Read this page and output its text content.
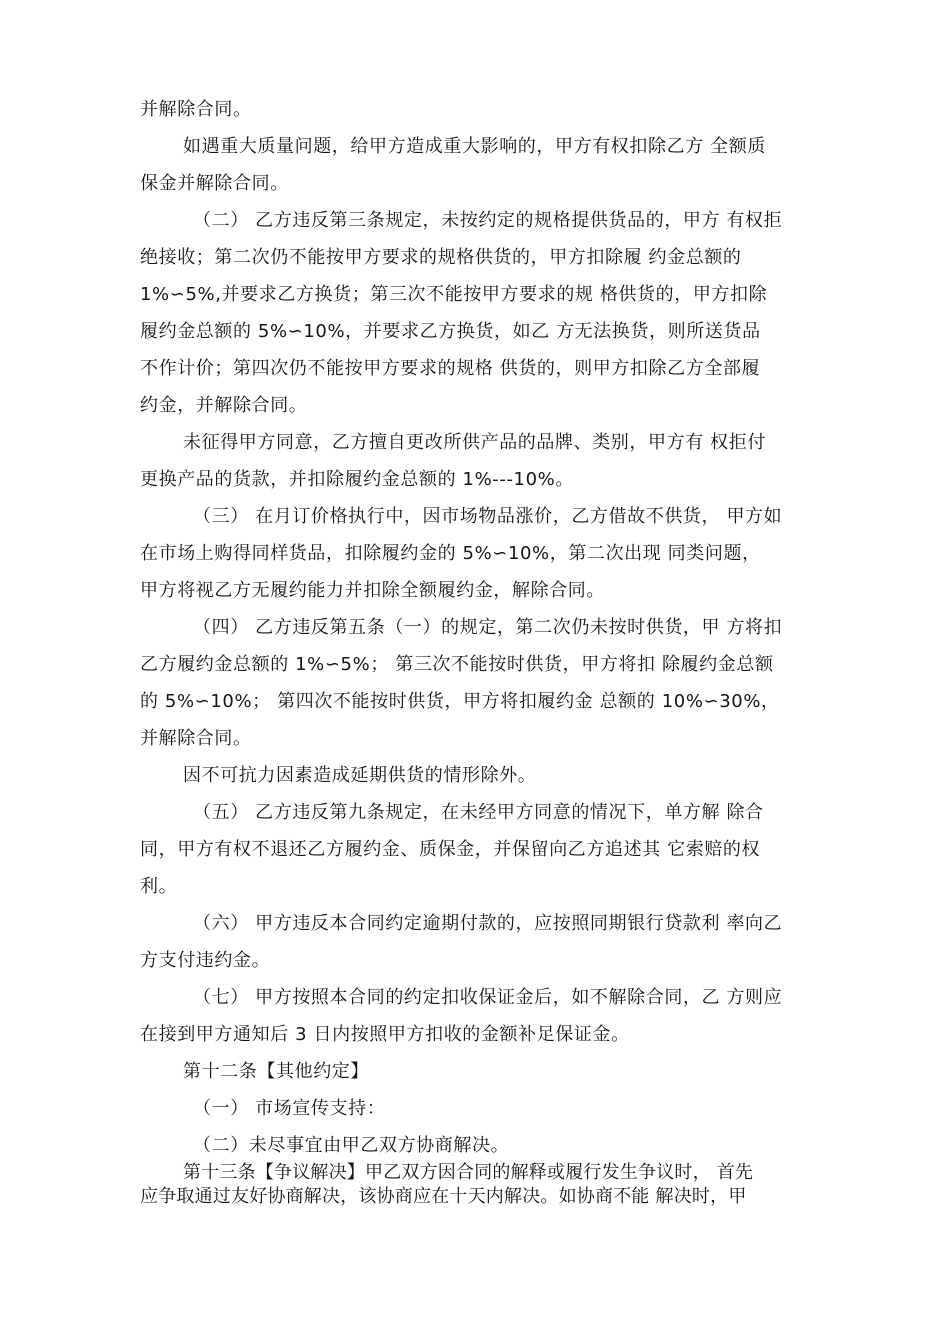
并解除合同。
如遇重大质量问题，给甲方造成重大影响的，甲方有权扣除乙方 全额质
保金并解除合同。
（二） 乙方违反第三条规定，未按约定的规格提供货品的，甲方 有权拒
绝接收；第二次仍不能按甲方要求的规格供货的，甲方扣除履 约金总额的
1%∽5%,并要求乙方换货；第三次不能按甲方要求的规 格供货的，甲方扣除
履约金总额的 5%∽10%，并要求乙方换货，如乙 方无法换货，则所送货品
不作计价；第四次仍不能按甲方要求的规格 供货的，则甲方扣除乙方全部履
约金，并解除合同。
未征得甲方同意，乙方擅自更改所供产品的品牌、类别，甲方有 权拒付
更换产品的货款，并扣除履约金总额的 1%---10%。
（三） 在月订价格执行中，因市场物品涨价，乙方借故不供货， 甲方如
在市场上购得同样货品，扣除履约金的 5%∽10%，第二次出现 同类问题，
甲方将视乙方无履约能力并扣除全额履约金，解除合同。
（四） 乙方违反第五条（一）的规定，第二次仍未按时供货，甲 方将扣
乙方履约金总额的 1%∽5%； 第三次不能按时供货，甲方将扣 除履约金总额
的 5%∽10%； 第四次不能按时供货，甲方将扣履约金 总额的 10%∽30%，
并解除合同。
因不可抗力因素造成延期供货的情形除外。
（五） 乙方违反第九条规定，在未经甲方同意的情况下，单方解 除合
同，甲方有权不退还乙方履约金、质保金，并保留向乙方追述其 它索赔的权
利。
（六） 甲方违反本合同约定逾期付款的，应按照同期银行贷款利 率向乙
方支付违约金。
（七） 甲方按照本合同的约定扣收保证金后，如不解除合同，乙 方则应
在接到甲方通知后 3 日内按照甲方扣收的金额补足保证金。
第十二条【其他约定】
（一） 市场宣传支持：
（二）未尽事宜由甲乙双方协商解决。
第十三条【争议解决】甲乙双方因合同的解释或履行发生争议时， 首先
应争取通过友好协商解决，该协商应在十天内解决。如协商不能 解决时，甲
